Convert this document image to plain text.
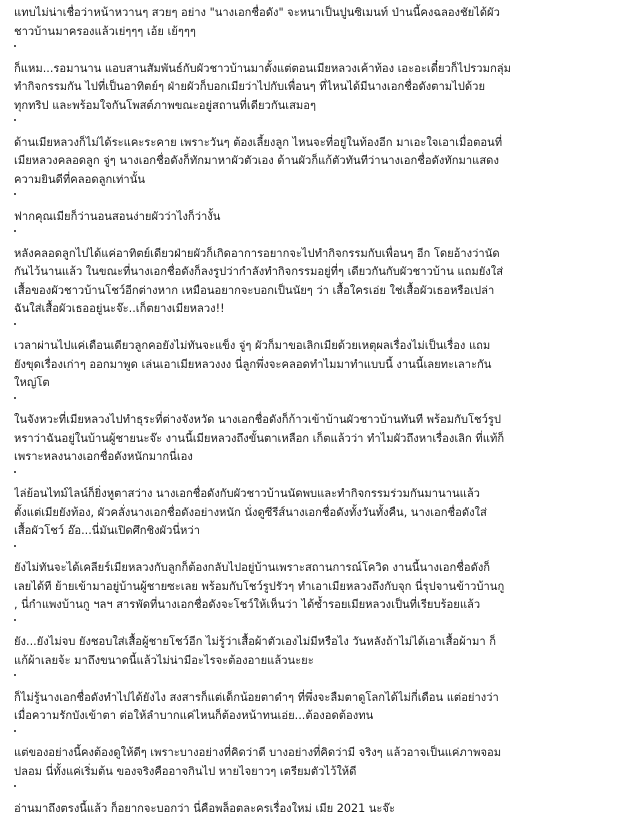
แทบไม่น่าเชื่อว่าหน้าหวานๆ สวยๆ อย่าง "นางเอกชื่อดัง" จะหนาเป็นปูนซิเมนท์ ป่านนี้คงฉลองชัยได้ผัว
ชาวบ้านมาครองแล้วเย่ๆๆๆ เอ้ย เย้ๆๆๆ

ก็แหม...รอมานาน แอบสานสัมพันธ์กับผัวชาวบ้านมาตั้งแต่ตอนเมียหลวงเค้าท้อง เอะอะเดี๋ยวก็ไปรวมกลุ่ม
ทำกิจกรรมกัน ไปที่เป็นอาทิตย์ๆ ฝ่ายผัวก็บอกเมียว่าไปกับเพื่อนๆ ที่ไหนได้มีนางเอกชื่อดังตามไปด้วย
ทุกทริป และพร้อมใจกันโพสต์ภาพขณะอยู่สถานที่เดียวกันเสมอๆ

ด้านเมียหลวงก็ไม่ได้ระแคะระคาย เพราะวันๆ ต้องเลี้ยงลูก ไหนจะที่อยู่ในท้องอีก มาเอะใจเอาเมื่อตอนที่
เมียหลวงคลอดลูก จู่ๆ นางเอกชื่อดังก็ทักมาหาผัวตัวเอง ด้านผัวก็แก้ตัวทันทีว่านางเอกชื่อดังทักมาแสดง
ความยินดีที่คลอดลูกเท่านั้น

ฟากคุณเมียก็ว่านอนสอนง่ายผัวว่าไงก็ว่างั้น

หลังคลอดลูกไปได้แค่อาทิตย์เดียวฝ่ายผัวก็เกิดอาการอยากจะไปทำกิจกรรมกับเพื่อนๆ อีก โดยอ้างว่านัด
กันไว้นานแล้ว ในขณะที่นางเอกชื่อดังก็ลงรูปว่ากำลังทำกิจกรรมอยู่ที่ๆ เดียวกันกับผัวชาวบ้าน แถมยังใส่
เสื้อของผัวชาวบ้านโชว์อีกต่างหาก เหมือนอยากจะบอกเป็นนัยๆ ว่า เสื้อใครเอ่ย ใช่เสื้อผัวเธอหรือเปล่า
ฉันใส่เสื้อผัวเธออยู่นะจ๊ะ..เก็ตยางเมียหลวง!!

เวลาผ่านไปแค่เดือนเดียวลูกคอยังไม่ทันจะแข็ง จู่ๆ ผัวก็มาขอเลิกเมียด้วยเหตุผลเรื่องไม่เป็นเรื่อง แถม
ยังขุดเรื่องเก่าๆ ออกมาพูด เล่นเอาเมียหลวงงง นี่ลูกพึ่งจะคลอดทำไมมาทำแบบนี้ งานนี้เลยทะเลาะกัน
ใหญ่โต

ในจังหวะที่เมียหลวงไปทำธุระที่ต่างจังหวัด นางเอกชื่อดังก็ก้าวเข้าบ้านผัวชาวบ้านทันที พร้อมกับโชว์รูป
หราว่าฉันอยู่ในบ้านผู้ชายนะจ๊ะ งานนี้เมียหลวงถึงขั้นตาเหลือก เก็ตแล้วว่า ทำไมผัวถึงหาเรื่องเลิก ที่แท้ก็
เพราะหลงนางเอกชื่อดังหนักมากนี่เอง

ไล่ย้อนไทม์ไลน์ก็ยิ่งหูตาสว่าง นางเอกชื่อดังกับผัวชาวบ้านนัดพบและทำกิจกรรมร่วมกันมานานแล้ว
ตั้งแต่เมียยังท้อง, ผัวคลั่งนางเอกชื่อดังอย่างหนัก นั่งดูซีรีส์นางเอกชื่อดังทั้งวันทั้งคืน, นางเอกชื่อดังใส่
เสื้อผัวโชว์ อ๊อ...นี่มันเปิดศึกชิงผัวนี่หว่า

ยังไม่ทันจะได้เคลียร์เมียหลวงกับลูกก็ต้องกลับไปอยู่บ้านเพราะสถานการณ์โควิด งานนี้นางเอกชื่อดังก็
เลยได้ที ย้ายเข้ามาอยู่บ้านผู้ชายซะเลย พร้อมกับโชว์รูปรัวๆ ทำเอาเมียหลวงถึงกับจุก นี่รุปจานข้าวบ้านกู
, นี่กำแพงบ้านกู ฯลฯ สารพัดที่นางเอกชื่อดังจะโชว์ให้เห็นว่า ได้ซ้ำรอยเมียหลวงเป็นที่เรียบร้อยแล้ว

ยัง...ยังไม่จบ ยังชอบใส่เสื้อผู้ชายโชว์อีก ไม่รู้ว่าเสื้อผ้าตัวเองไม่มีหรือไง วันหลังถ้าไม่ได้เอาเสื้อผ้ามา ก็
แก้ผ้าเลยจ้ะ มาถึงขนาดนี้แล้วไม่น่ามีอะไรจะต้องอายแล้วนะยะ

ก็ไม่รู้นางเอกชื่อดังทำไปได้ยังไง สงสารก็แต่เด็กน้อยตาดำๆ ที่พึ่งจะลืมตาดูโลกได้ไม่กี่เดือน แต่อย่างว่า
เมื่อความรักบังเข้าตา ต่อให้ลำบากแค่ไหนก็ต้องหน้าทนเอ่ย...ต้องอดต้องทน

แต่ของอย่างนี้คงต้องดูให้ดีๆ เพราะบางอย่างที่คิดว่าดี บางอย่างที่คิดว่ามี จริงๆ แล้วอาจเป็นแค่ภาพจอม
ปลอม นี่ทั้งแค่เริ่มต้น ของจริงคืออาจกินไป หายไจยาวๆ เตรียมตัวไว้ให้ดี

อ่านมาถึงตรงนี้แล้ว ก็อยากจะบอกว่า นี่คือพล็อตละครเรื่องใหม่ เมีย 2021 นะจ๊ะ
